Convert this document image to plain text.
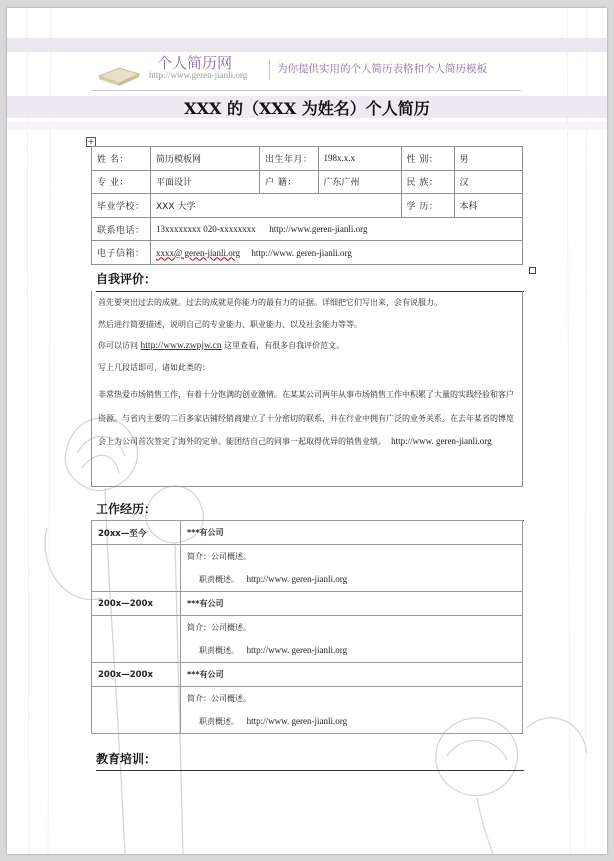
个人简历网
http://www.geren-jianli.org	为你提供实用的个人简历表格和个人简历模板
XXX 的（XXX 为姓名）个人简历
+
姓 名：	简历模板网	出生年月：	198x.x.x	性 别：	男
专 业：	平面设计	户 籍：	广东广州	民 族：	汉
毕业学校：	XXX 大学			学 历：	本科
联系电话：	13xxxxxxxx 020-xxxxxxxx http://www.geren-jianli.org				
电子信箱：	xxxx@ geren-jianli.org http://www. geren-jianli.org				
自我评价：

首先要突出过去的成就。过去的成就是你能力的最有力的证据。详细把它们写出来，会有说服力。

然后进行简要描述，说明自己的专业能力、职业能力、以及社会能力等等。

你可以访问 http://www.zwpjw.cn 这里查看，有很多自我评价范文。

写上几段话即可，诸如此类的：

非常热爱市场销售工作，有着十分饱满的创业激情。在某某公司两年从事市场销售工作中积累了大量的实践经验和客户资源。与省内主要的二百多家店铺经销商建立了十分密切的联系，并在行业中拥有广泛的业务关系。在去年某省的博览会上为公司首次签定了海外的定单。能团结自己的同事一起取得优异的销售业绩。 http://www. geren-jianli.org

工作经历：
20xx—至今	***有公司

	简介：公司概述。
职责概述。 http://www. geren-jianli.org

200x—200x	***有公司

	简介：公司概述。
职责概述。 http://www. geren-jianli.org

200x—200x	***有公司

	简介：公司概述。
职责概述。 http://www. geren-jianli.org
教育培训：
